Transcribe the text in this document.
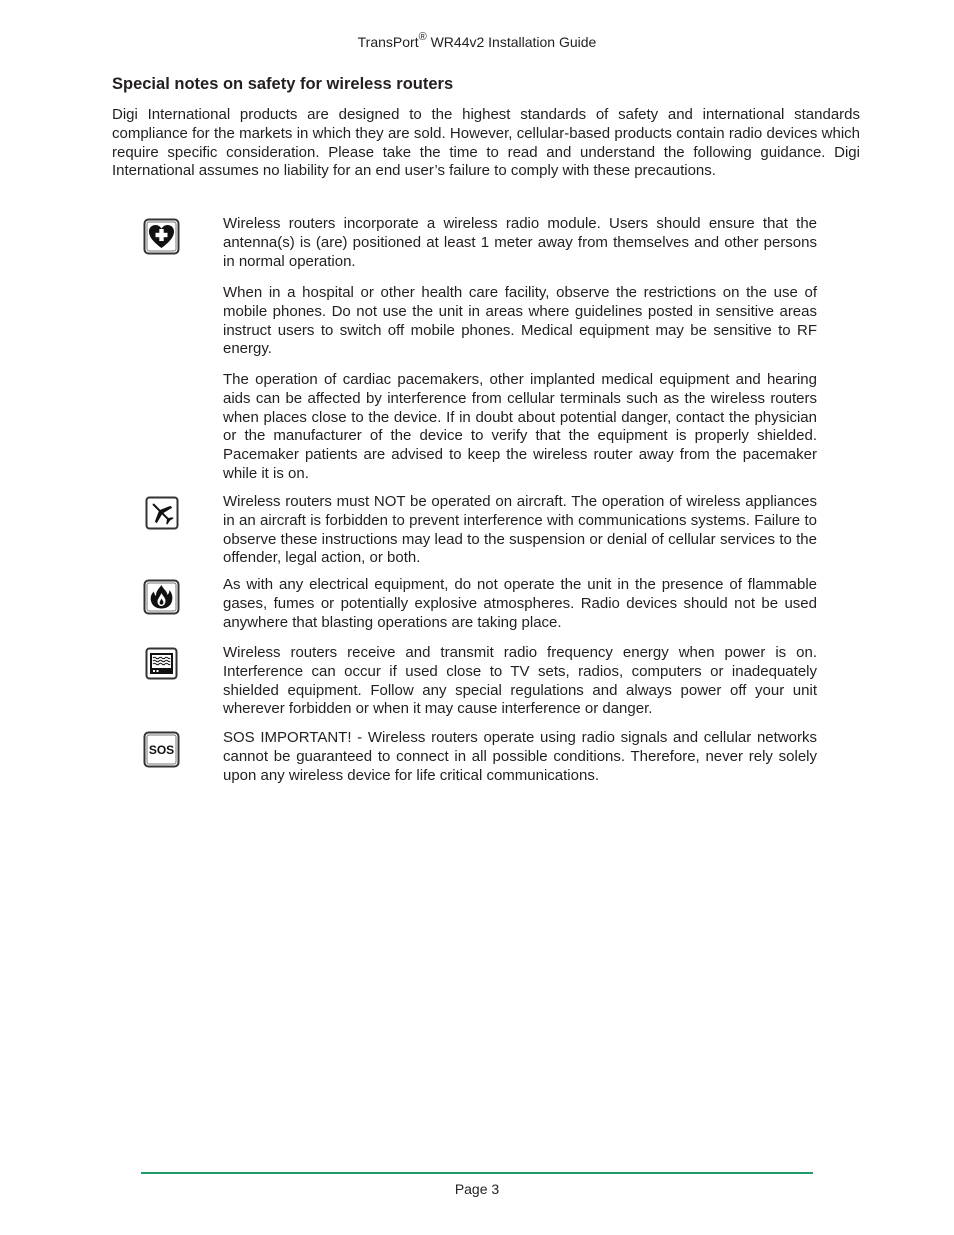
TransPort® WR44v2 Installation Guide
Special notes on safety for wireless routers

Digi International products are designed to the highest standards of safety and international standards compliance for the markets in which they are sold. However, cellular-based products contain radio devices which require specific consideration. Please take the time to read and understand the following guidance. Digi International assumes no liability for an end user’s failure to comply with these precautions.

Wireless routers incorporate a wireless radio module. Users should ensure that the antenna(s) is (are) positioned at least 1 meter away from themselves and other persons in normal operation.

When in a hospital or other health care facility, observe the restrictions on the use of mobile phones. Do not use the unit in areas where guidelines posted in sensitive areas instruct users to switch off mobile phones. Medical equipment may be sensitive to RF energy.

The operation of cardiac pacemakers, other implanted medical equipment and hearing aids can be affected by interference from cellular terminals such as the wireless routers when places close to the device. If in doubt about potential danger, contact the physician or the manufacturer of the device to verify that the equipment is properly shielded. Pacemaker patients are advised to keep the wireless router away from the pacemaker while it is on.

Wireless routers must NOT be operated on aircraft. The operation of wireless appliances in an aircraft is forbidden to prevent interference with communications systems. Failure to observe these instructions may lead to the suspension or denial of cellular services to the offender, legal action, or both.

As with any electrical equipment, do not operate the unit in the presence of flammable gases, fumes or potentially explosive atmospheres. Radio devices should not be used anywhere that blasting operations are taking place.

Wireless routers receive and transmit radio frequency energy when power is on. Interference can occur if used close to TV sets, radios, computers or inadequately shielded equipment. Follow any special regulations and always power off your unit wherever forbidden or when it may cause interference or danger.

SOS

SOS IMPORTANT! - Wireless routers operate using radio signals and cellular networks cannot be guaranteed to connect in all possible conditions. Therefore, never rely solely upon any wireless device for life critical communications.

Page 3
